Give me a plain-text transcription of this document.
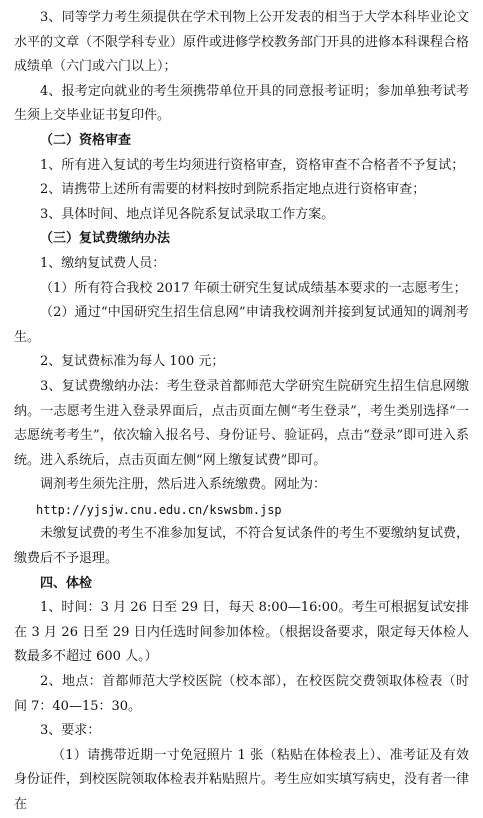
3、同等学力考生须提供在学术刊物上公开发表的相当于大学本科毕业论文水平的文章（不限学科专业）原件或进修学校教务部门开具的进修本科课程合格成绩单（六门或六门以上）；

4、报考定向就业的考生须携带单位开具的同意报考证明；参加单独考试考生须上交毕业证书复印件。

（二）资格审查

1、所有进入复试的考生均须进行资格审查，资格审查不合格者不予复试；

2、请携带上述所有需要的材料按时到院系指定地点进行资格审查；

3、具体时间、地点详见各院系复试录取工作方案。

（三）复试费缴纳办法

1、缴纳复试费人员：

（1）所有符合我校 2017 年硕士研究生复试成绩基本要求的一志愿考生；

（2）通过“中国研究生招生信息网”申请我校调剂并接到复试通知的调剂考生。

2、复试费标准为每人 100 元；

3、复试费缴纳办法：考生登录首都师范大学研究生院研究生招生信息网缴纳。一志愿考生进入登录界面后，点击页面左侧“考生登录”，考生类别选择“一志愿统考考生”，依次输入报名号、身份证号、验证码，点击“登录”即可进入系统。进入系统后，点击页面左侧“网上缴复试费”即可。

调剂考生须先注册，然后进入系统缴费。网址为：

http://yjsjw.cnu.edu.cn/kswsbm.jsp

未缴复试费的考生不准参加复试，不符合复试条件的考生不要缴纳复试费，缴费后不予退理。

四、体检

1、时间：3 月 26 日至 29 日，每天 8:00—16:00。考生可根据复试安排在 3 月 26 日至 29 日内任选时间参加体检。（根据设备要求，限定每天体检人数最多不超过 600 人。）

2、地点：首都师范大学校医院（校本部），在校医院交费领取体检表（时间 7：40—15：30。

3、要求：

（1）请携带近期一寸免冠照片 1 张（粘贴在体检表上）、准考证及有效身份证件，到校医院领取体检表并粘贴照片。考生应如实填写病史，没有者一律在
